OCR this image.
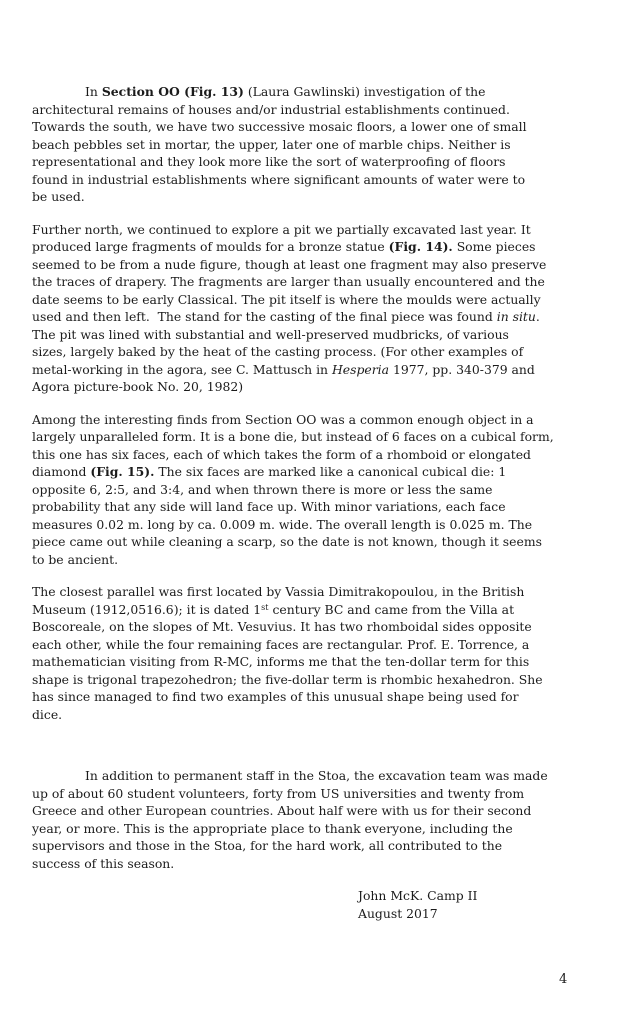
In Section OO (Fig. 13) (Laura Gawlinski) investigation of the
architectural remains of houses and/or industrial establishments continued.
Towards the south, we have two successive mosaic floors, a lower one of small
beach pebbles set in mortar, the upper, later one of marble chips. Neither is
representational and they look more like the sort of waterproofing of floors
found in industrial establishments where significant amounts of water were to
be used.
Further north, we continued to explore a pit we partially excavated last year. It
produced large fragments of moulds for a bronze statue (Fig. 14). Some pieces
seemed to be from a nude figure, though at least one fragment may also preserve
the traces of drapery. The fragments are larger than usually encountered and the
date seems to be early Classical. The pit itself is where the moulds were actually
used and then left.  The stand for the casting of the final piece was found in situ.
The pit was lined with substantial and well-preserved mudbricks, of various
sizes, largely baked by the heat of the casting process. (For other examples of
metal-working in the agora, see C. Mattusch in Hesperia 1977, pp. 340-379 and
Agora picture-book No. 20, 1982)
Among the interesting finds from Section OO was a common enough object in a
largely unparalleled form. It is a bone die, but instead of 6 faces on a cubical form,
this one has six faces, each of which takes the form of a rhomboid or elongated
diamond (Fig. 15). The six faces are marked like a canonical cubical die: 1
opposite 6, 2:5, and 3:4, and when thrown there is more or less the same
probability that any side will land face up. With minor variations, each face
measures 0.02 m. long by ca. 0.009 m. wide. The overall length is 0.025 m. The
piece came out while cleaning a scarp, so the date is not known, though it seems
to be ancient.
The closest parallel was first located by Vassia Dimitrakopoulou, in the British
Museum (1912,0516.6); it is dated 1st century BC and came from the Villa at
Boscoreale, on the slopes of Mt. Vesuvius. It has two rhomboidal sides opposite
each other, while the four remaining faces are rectangular. Prof. E. Torrence, a
mathematician visiting from R-MC, informs me that the ten-dollar term for this
shape is trigonal trapezohedron; the five-dollar term is rhombic hexahedron. She
has since managed to find two examples of this unusual shape being used for
dice.
In addition to permanent staff in the Stoa, the excavation team was made
up of about 60 student volunteers, forty from US universities and twenty from
Greece and other European countries. About half were with us for their second
year, or more. This is the appropriate place to thank everyone, including the
supervisors and those in the Stoa, for the hard work, all contributed to the
success of this season.
John McK. Camp II
August 2017
4
